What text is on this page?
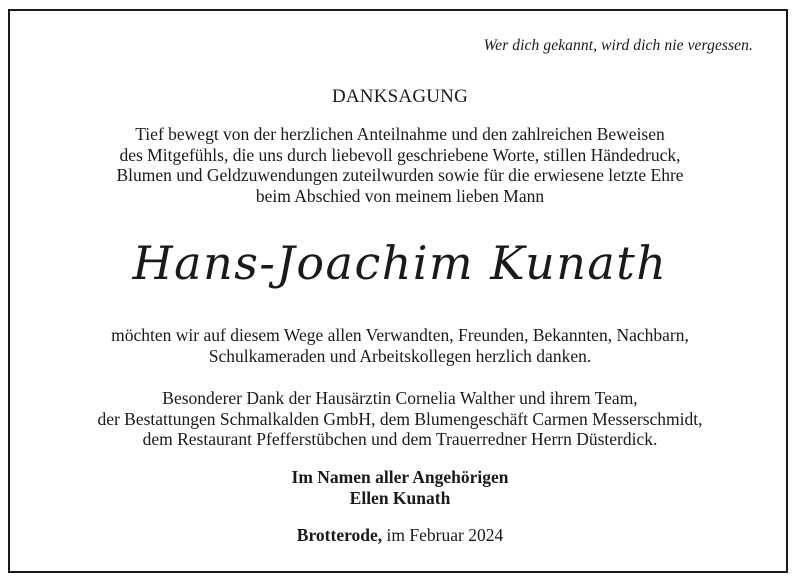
Wer dich gekannt, wird dich nie vergessen.
DANKSAGUNG
Tief bewegt von der herzlichen Anteilnahme und den zahlreichen Beweisen
des Mitgefühls, die uns durch liebevoll geschriebene Worte, stillen Händedruck,
Blumen und Geldzuwendungen zuteilwurden sowie für die erwiesene letzte Ehre
beim Abschied von meinem lieben Mann
Hans-Joachim Kunath
möchten wir auf diesem Wege allen Verwandten, Freunden, Bekannten, Nachbarn,
Schulkameraden und Arbeitskollegen herzlich danken.
Besonderer Dank der Hausärztin Cornelia Walther und ihrem Team,
der Bestattungen Schmalkalden GmbH, dem Blumengeschäft Carmen Messerschmidt,
dem Restaurant Pfefferstübchen und dem Trauerredner Herrn Düsterdick.
Im Namen aller Angehörigen
Ellen Kunath
Brotterode, im Februar 2024
